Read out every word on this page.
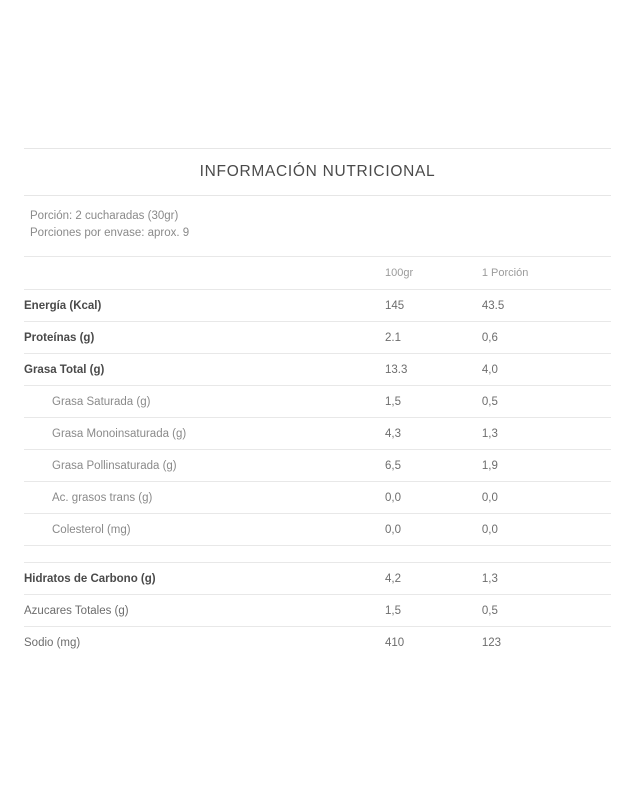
INFORMACIÓN NUTRICIONAL
Porción: 2 cucharadas (30gr)
Porciones por envase: aprox. 9
	100gr	1 Porción
Energía (Kcal)	145	43.5
Proteínas (g)	2.1	0,6
Grasa Total (g)	13.3	4,0
Grasa Saturada (g)	1,5	0,5
Grasa Monoinsaturada (g)	4,3	1,3
Grasa Pollinsaturada (g)	6,5	1,9
Ac. grasos trans (g)	0,0	0,0
Colesterol (mg)	0,0	0,0

Hidratos de Carbono (g)	4,2	1,3
Azucares Totales (g)	1,5	0,5
Sodio (mg)	410	123
